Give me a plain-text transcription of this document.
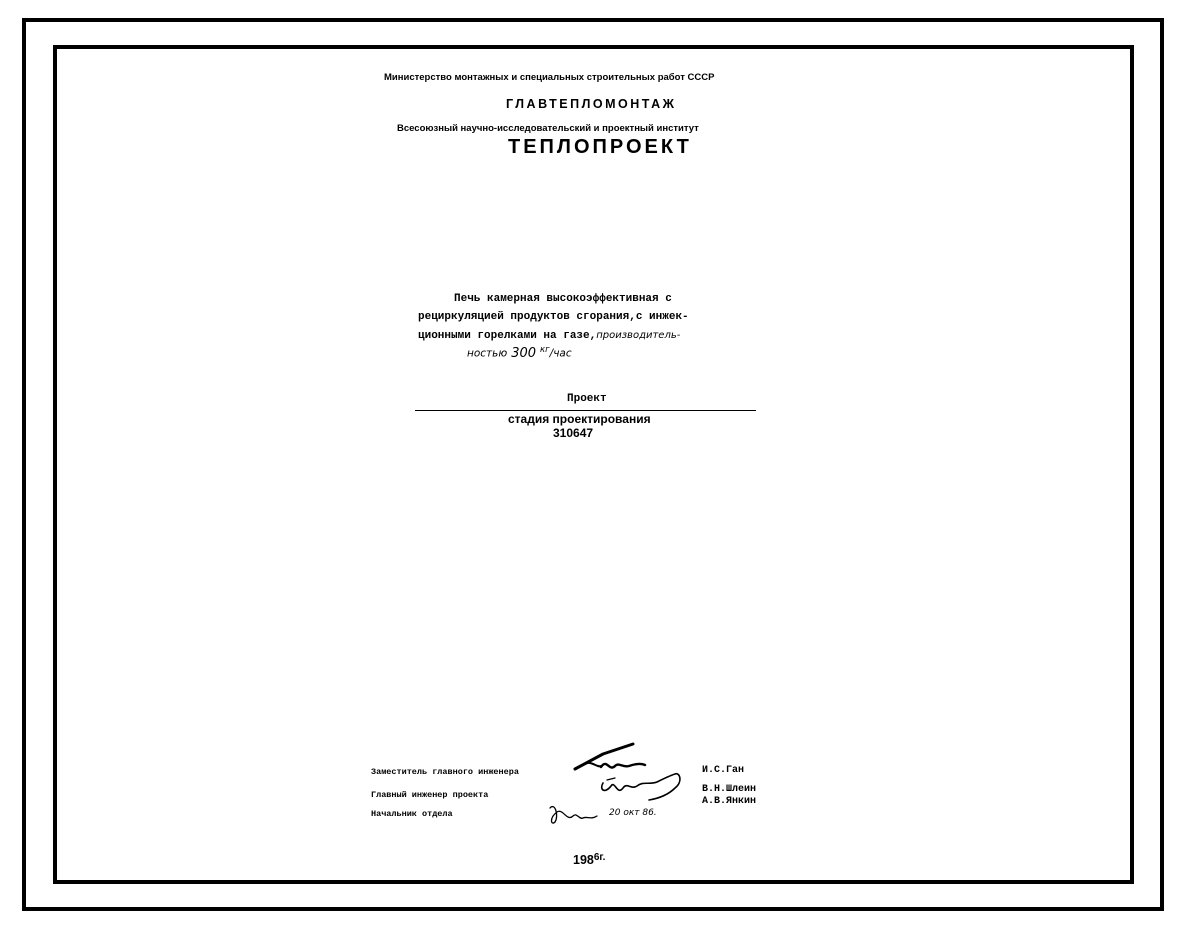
Министерство монтажных и специальных строительных работ СССР
ГЛАВТЕПЛОМОНТАЖ
Всесоюзный научно-исследовательский и проектный институт
ТЕПЛОПРОЕКТ
Печь камерная высокоэффективная с
рециркуляцией продуктов сгорания,с инжек-
ционными горелками на газе,производитель-
ностью 300 $^{кг}$/час
Проект
стадия проектирования
310647
Заместитель главного инженера
Главный инженер проекта
Начальник отдела
И.С.Ган
В.Н.Шлеин
А.В.Янкин
20 окт 86.
$198^{6г.}$
